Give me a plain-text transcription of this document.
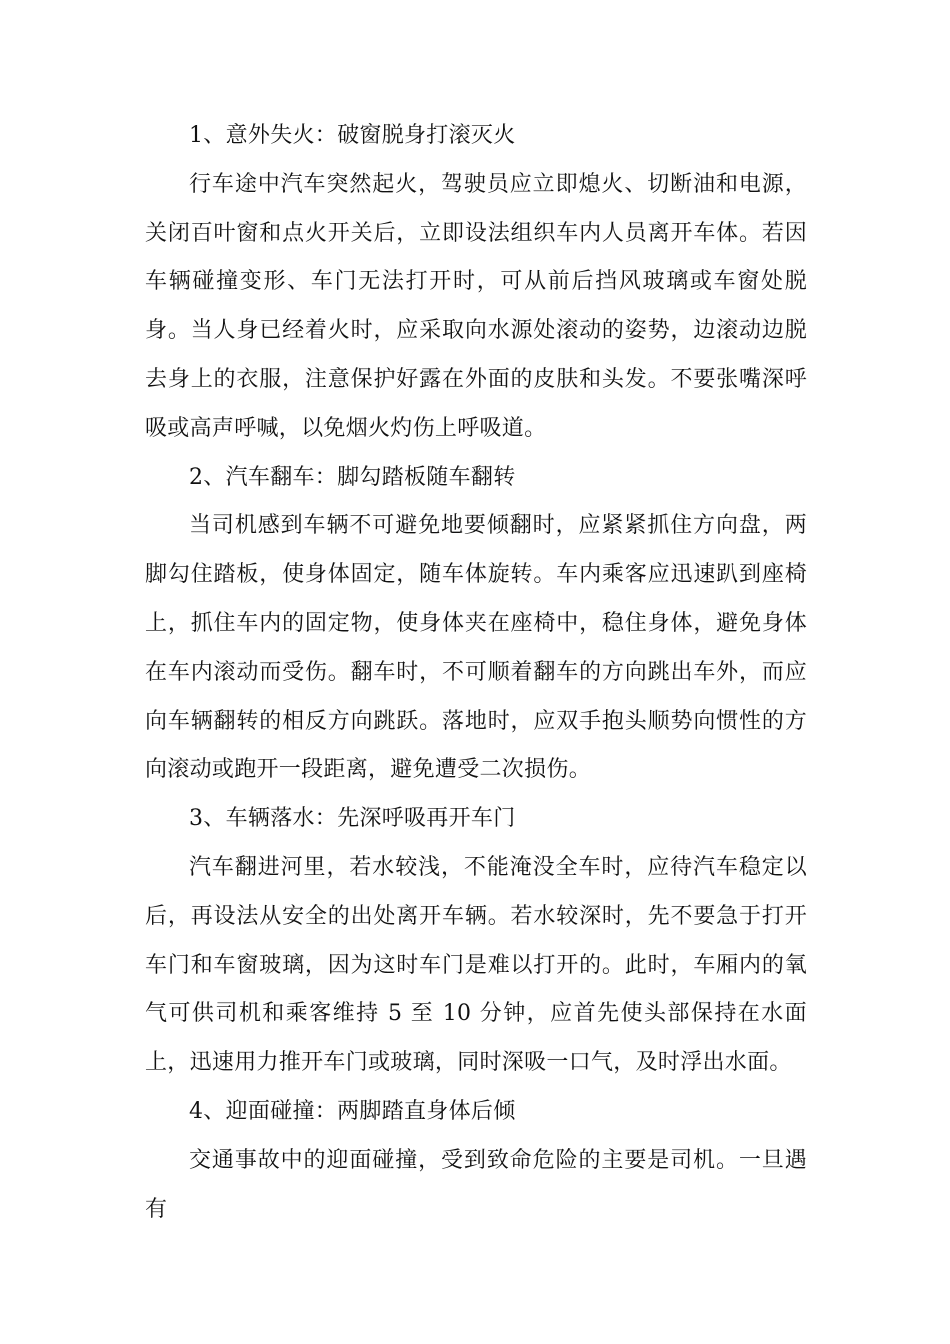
1、意外失火：破窗脱身打滚灭火

行车途中汽车突然起火，驾驶员应立即熄火、切断油和电源，关闭百叶窗和点火开关后，立即设法组织车内人员离开车体。若因车辆碰撞变形、车门无法打开时，可从前后挡风玻璃或车窗处脱身。当人身已经着火时，应采取向水源处滚动的姿势，边滚动边脱去身上的衣服，注意保护好露在外面的皮肤和头发。不要张嘴深呼吸或高声呼喊，以免烟火灼伤上呼吸道。

2、汽车翻车：脚勾踏板随车翻转

当司机感到车辆不可避免地要倾翻时，应紧紧抓住方向盘，两脚勾住踏板，使身体固定，随车体旋转。车内乘客应迅速趴到座椅上，抓住车内的固定物，使身体夹在座椅中，稳住身体，避免身体在车内滚动而受伤。翻车时，不可顺着翻车的方向跳出车外，而应向车辆翻转的相反方向跳跃。落地时，应双手抱头顺势向惯性的方向滚动或跑开一段距离，避免遭受二次损伤。

3、车辆落水：先深呼吸再开车门

汽车翻进河里，若水较浅，不能淹没全车时，应待汽车稳定以后，再设法从安全的出处离开车辆。若水较深时，先不要急于打开车门和车窗玻璃，因为这时车门是难以打开的。此时，车厢内的氧气可供司机和乘客维持 5 至 10 分钟，应首先使头部保持在水面上，迅速用力推开车门或玻璃，同时深吸一口气，及时浮出水面。

4、迎面碰撞：两脚踏直身体后倾

交通事故中的迎面碰撞，受到致命危险的主要是司机。一旦遇有
